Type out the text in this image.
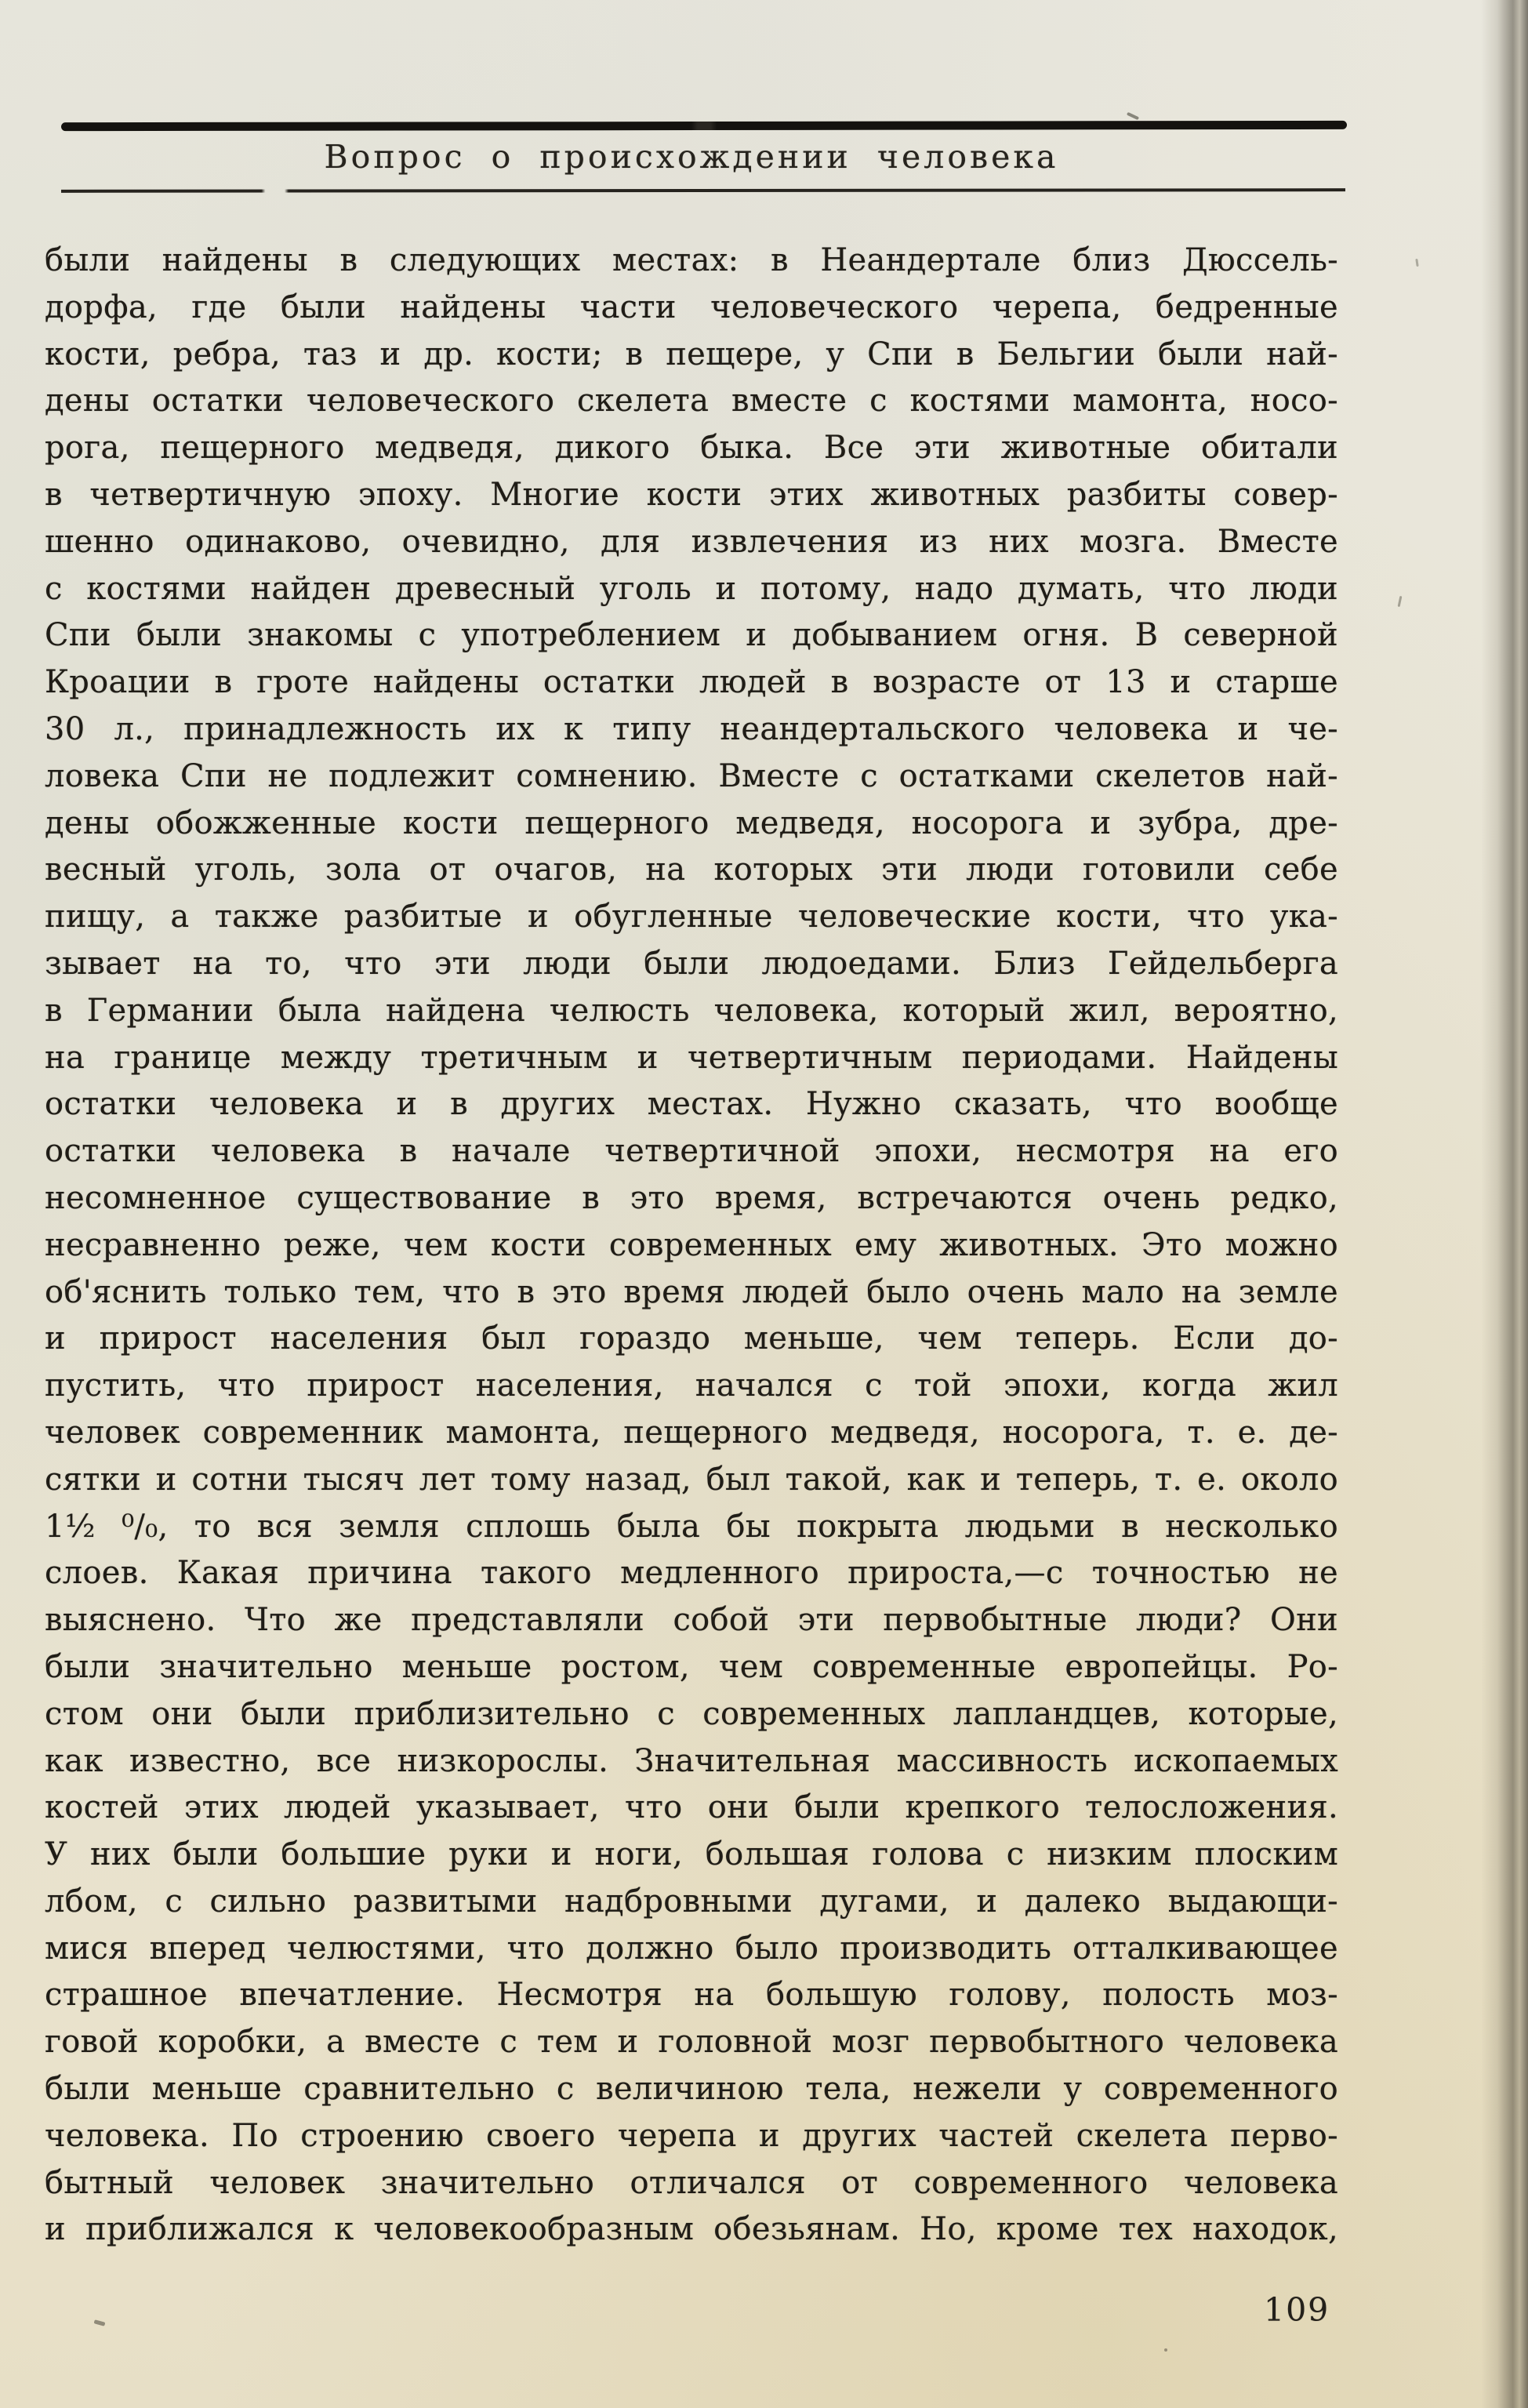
Вопрос о происхождении человека
были найдены в следующих местах: в Неандертале близ Дюссель-
дорфа, где были найдены части человеческого черепа, бедренные
кости, ребра, таз и др. кости; в пещере, у Спи в Бельгии были най-
дены остатки человеческого скелета вместе с костями мамонта, носо-
рога, пещерного медведя, дикого быка. Все эти животные обитали
в четвертичную эпоху. Многие кости этих животных разбиты совер-
шенно одинаково, очевидно, для извлечения из них мозга. Вместе
с костями найден древесный уголь и потому, надо думать, что люди
Спи были знакомы с употреблением и добыванием огня. В северной
Кроации в гроте найдены остатки людей в возрасте от 13 и старше
30 л., принадлежность их к типу неандертальского человека и че-
ловека Спи не подлежит сомнению. Вместе с остатками скелетов най-
дены обожженные кости пещерного медведя, носорога и зубра, дре-
весный уголь, зола от очагов, на которых эти люди готовили себе
пищу, а также разбитые и обугленные человеческие кости, что ука-
зывает на то, что эти люди были людоедами. Близ Гейдельберга
в Германии была найдена челюсть человека, который жил, вероятно,
на границе между третичным и четвертичным периодами. Найдены
остатки человека и в других местах. Нужно сказать, что вообще
остатки человека в начале четвертичной эпохи, несмотря на его
несомненное существование в это время, встречаются очень редко,
несравненно реже, чем кости современных ему животных. Это можно
об'яснить только тем, что в это время людей было очень мало на земле
и прирост населения был гораздо меньше, чем теперь. Если до-
пустить, что прирост населения, начался с той эпохи, когда жил
человек современник мамонта, пещерного медведя, носорога, т. е. де-
сятки и сотни тысяч лет тому назад, был такой, как и теперь, т. е. около
1½ ⁰/₀, то вся земля сплошь была бы покрыта людьми в несколько
слоев. Какая причина такого медленного прироста,—с точностью не
выяснено. Что же представляли собой эти первобытные люди? Они
были значительно меньше ростом, чем современные европейцы. Ро-
стом они были приблизительно с современных лапландцев, которые,
как известно, все низкорослы. Значительная массивность ископаемых
костей этих людей указывает, что они были крепкого телосложения.
У них были большие руки и ноги, большая голова с низким плоским
лбом, с сильно развитыми надбровными дугами, и далеко выдающи-
мися вперед челюстями, что должно было производить отталкивающее
страшное впечатление. Несмотря на большую голову, полость моз-
говой коробки, а вместе с тем и головной мозг первобытного человека
были меньше сравнительно с величиною тела, нежели у современного
человека. По строению своего черепа и других частей скелета перво-
бытный человек значительно отличался от современного человека
и приближался к человекообразным обезьянам. Но, кроме тех находок,
109
